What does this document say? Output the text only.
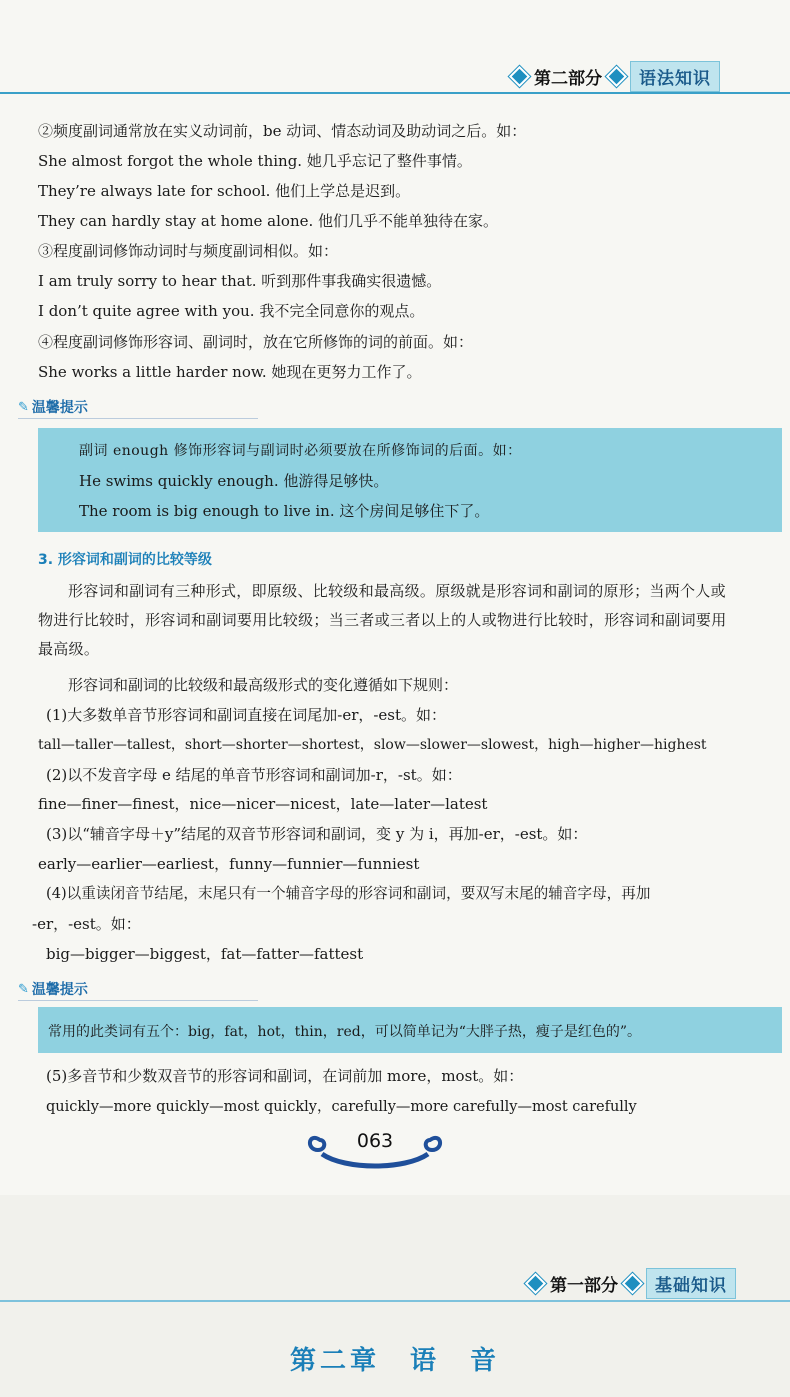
第二部分	语法知识
②频度副词通常放在实义动词前，be 动词、情态动词及助动词之后。如：
She almost forgot the whole thing. 她几乎忘记了整件事情。
They’re always late for school. 他们上学总是迟到。
They can hardly stay at home alone. 他们几乎不能单独待在家。
③程度副词修饰动词时与频度副词相似。如：
I am truly sorry to hear that. 听到那件事我确实很遗憾。
I don’t quite agree with you. 我不完全同意你的观点。
④程度副词修饰形容词、副词时，放在它所修饰的词的前面。如：
She works a little harder now. 她现在更努力工作了。
✎ 温馨提示
副词 enough 修饰形容词与副词时必须要放在所修饰词的后面。如：
He swims quickly enough. 他游得足够快。
The room is big enough to live in. 这个房间足够住下了。
3. 形容词和副词的比较等级
形容词和副词有三种形式，即原级、比较级和最高级。原级就是形容词和副词的原形；当两个人或物进行比较时，形容词和副词要用比较级；当三者或三者以上的人或物进行比较时，形容词和副词要用最高级。
形容词和副词的比较级和最高级形式的变化遵循如下规则：
(1)大多数单音节形容词和副词直接在词尾加-er，-est。如：
tall—taller—tallest，short—shorter—shortest，slow—slower—slowest，high—higher—highest
(2)以不发音字母 e 结尾的单音节形容词和副词加-r，-st。如：
fine—finer—finest，nice—nicer—nicest，late—later—latest
(3)以“辅音字母＋y”结尾的双音节形容词和副词，变 y 为 i，再加-er，-est。如：
early—earlier—earliest，funny—funnier—funniest
(4)以重读闭音节结尾，末尾只有一个辅音字母的形容词和副词，要双写末尾的辅音字母，再加
-er，-est。如：
big—bigger—biggest，fat—fatter—fattest
✎ 温馨提示
常用的此类词有五个：big，fat，hot，thin，red，可以简单记为“大胖子热，瘦子是红色的”。
(5)多音节和少数双音节的形容词和副词，在词前加 more，most。如：
quickly—more quickly—most quickly，carefully—more carefully—most carefully
063
第一部分	基础知识
第二章　语　音
